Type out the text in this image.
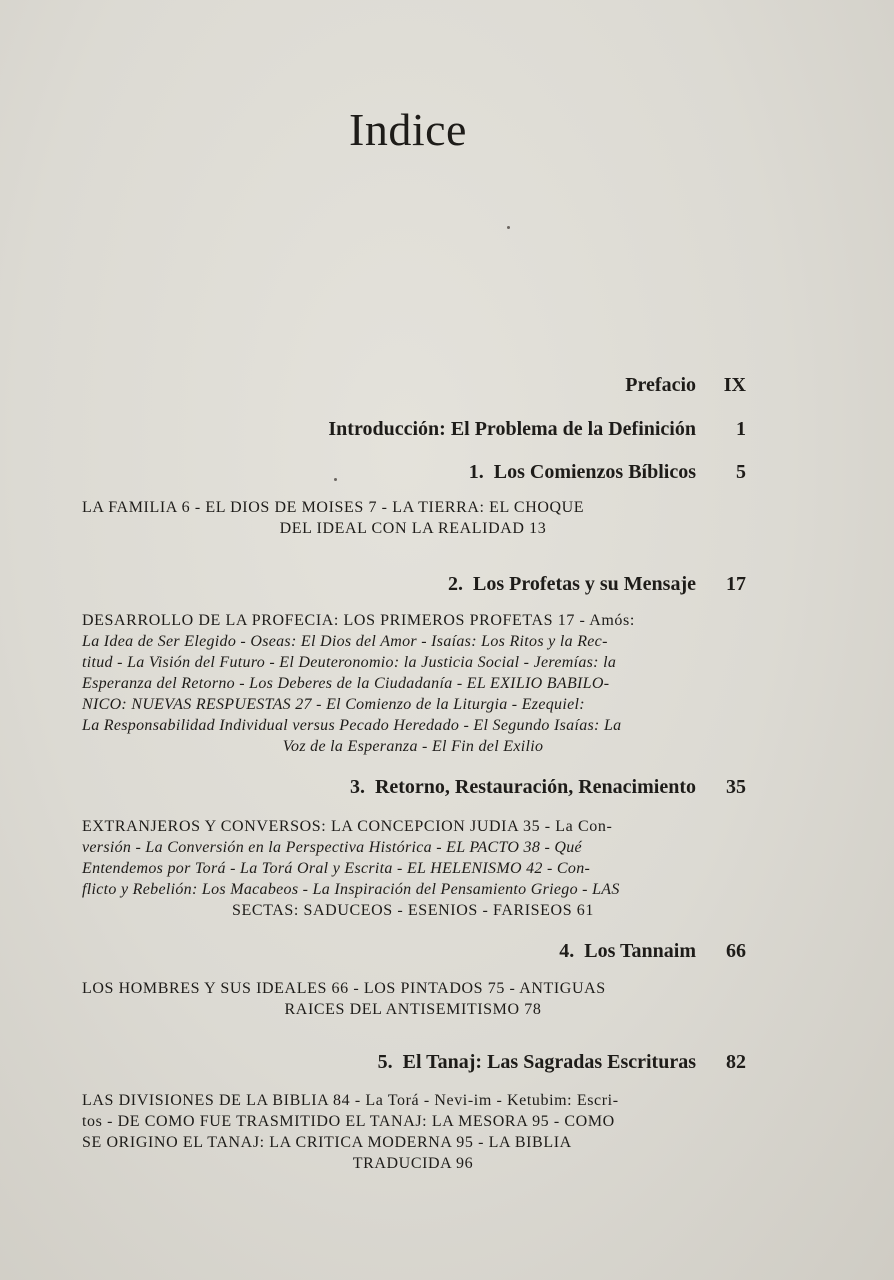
Indice
Prefacio IX
Introducción: El Problema de la Definición 1
1. Los Comienzos Bíblicos 5
LA FAMILIA 6 - EL DIOS DE MOISES 7 - LA TIERRA: EL CHOQUE
DEL IDEAL CON LA REALIDAD 13
2. Los Profetas y su Mensaje 17
DESARROLLO DE LA PROFECIA: LOS PRIMEROS PROFETAS 17 - Amós:
La Idea de Ser Elegido - Oseas: El Dios del Amor - Isaías: Los Ritos y la Rec-
titud - La Visión del Futuro - El Deuteronomio: la Justicia Social - Jeremías: la
Esperanza del Retorno - Los Deberes de la Ciudadanía - EL EXILIO BABILO-
NICO: NUEVAS RESPUESTAS 27 - El Comienzo de la Liturgia - Ezequiel:
La Responsabilidad Individual versus Pecado Heredado - El Segundo Isaías: La
Voz de la Esperanza - El Fin del Exilio
3. Retorno, Restauración, Renacimiento 35
EXTRANJEROS Y CONVERSOS: LA CONCEPCION JUDIA 35 - La Con-
versión - La Conversión en la Perspectiva Histórica - EL PACTO 38 - Qué
Entendemos por Torá - La Torá Oral y Escrita - EL HELENISMO 42 - Con-
flicto y Rebelión: Los Macabeos - La Inspiración del Pensamiento Griego - LAS
SECTAS: SADUCEOS - ESENIOS - FARISEOS 61
4. Los Tannaim 66
LOS HOMBRES Y SUS IDEALES 66 - LOS PINTADOS 75 - ANTIGUAS
RAICES DEL ANTISEMITISMO 78
5. El Tanaj: Las Sagradas Escrituras 82
LAS DIVISIONES DE LA BIBLIA 84 - La Torá - Nevi-im - Ketubim: Escri-
tos - DE COMO FUE TRASMITIDO EL TANAJ: LA MESORA 95 - COMO
SE ORIGINO EL TANAJ: LA CRITICA MODERNA 95 - LA BIBLIA
TRADUCIDA 96
